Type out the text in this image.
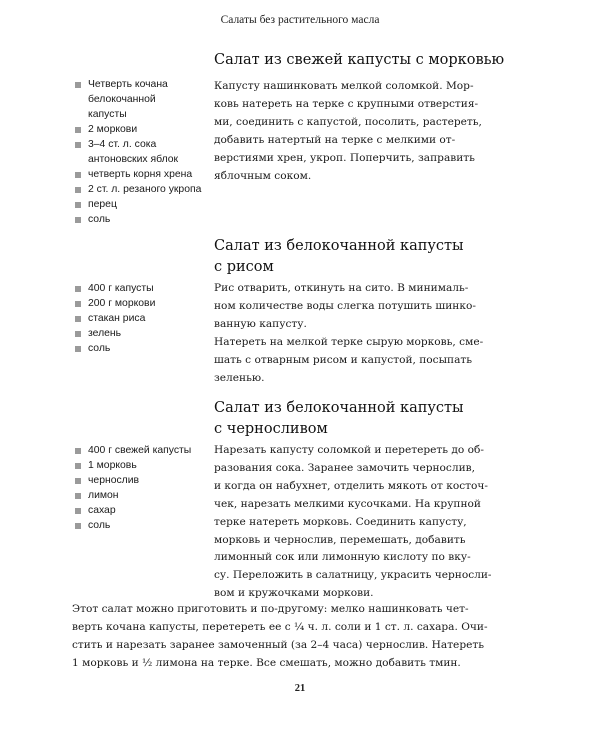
Салаты без растительного масла
Салат из свежей капусты с морковью
Четверть кочана
белокочанной
капусты
2 моркови
3–4 ст. л. сока
антоновских яблок
четверть корня хрена
2 ст. л. резаного укропа
перец
соль

Капусту нашинковать мелкой соломкой. Мор-
ковь натереть на терке с крупными отверстия-
ми, соединить с капустой, посолить, растереть,
добавить натертый на терке с мелкими от-
верстиями хрен, укроп. Поперчить, заправить
яблочным соком.

Салат из белокочанной капусты
с рисом
400 г капусты
200 г моркови
стакан риса
зелень
соль

Рис отварить, откинуть на сито. В минималь-
ном количестве воды слегка потушить шинко-
ванную капусту.
Натереть на мелкой терке сырую морковь, сме-
шать с отварным рисом и капустой, посыпать
зеленью.

Салат из белокочанной капусты
с черносливом
400 г свежей капусты
1 морковь
чернослив
лимон
сахар
соль

Нарезать капусту соломкой и перетереть до об-
разования сока. Заранее замочить чернослив,
и когда он набухнет, отделить мякоть от косточ-
чек, нарезать мелкими кусочками. На крупной
терке натереть морковь. Соединить капусту,
морковь и чернослив, перемешать, добавить
лимонный сок или лимонную кислоту по вку-
су. Переложить в салатницу, украсить черносли-
вом и кружочками моркови.

Этот салат можно приготовить и по-другому: мелко нашинковать чет-
верть кочана капусты, перетереть ее с ¼ ч. л. соли и 1 ст. л. сахара. Очи-
стить и нарезать заранее замоченный (за 2–4 часа) чернослив. Натереть
1 морковь и ½ лимона на терке. Все смешать, можно добавить тмин.

21
